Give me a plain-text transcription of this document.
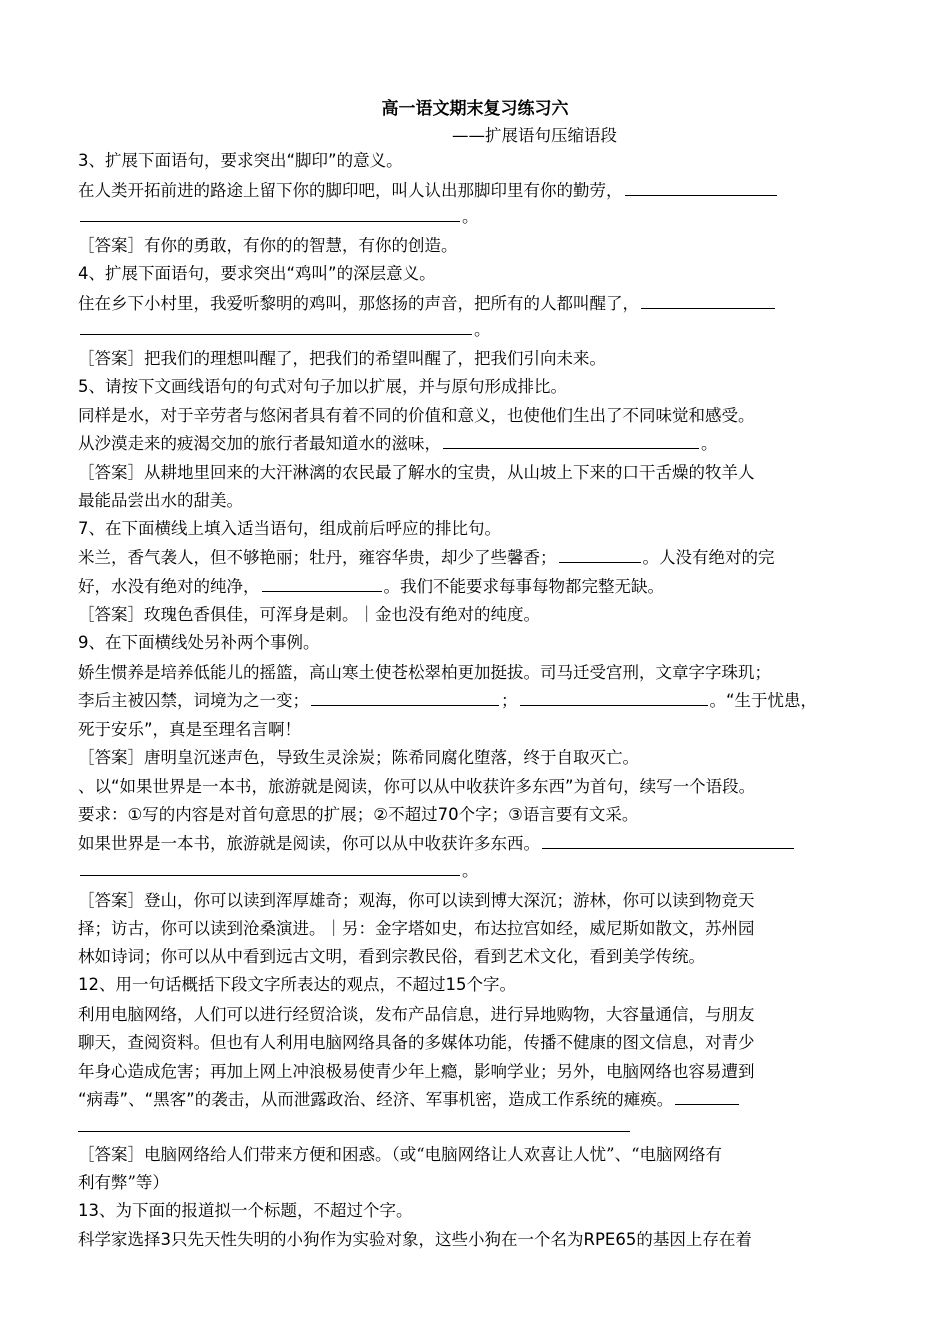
高一语文期末复习练习六
——扩展语句压缩语段
3、扩展下面语句，要求突出“脚印”的意义。
在人类开拓前进的路途上留下你的脚印吧，叫人认出那脚印里有你的勤劳，
。
［答案］有你的勇敢，有你的的智慧，有你的创造。
4、扩展下面语句，要求突出“鸡叫”的深层意义。
住在乡下小村里，我爱听黎明的鸡叫，那悠扬的声音，把所有的人都叫醒了，
。
［答案］把我们的理想叫醒了，把我们的希望叫醒了，把我们引向未来。
5、请按下文画线语句的句式对句子加以扩展，并与原句形成排比。
同样是水，对于辛劳者与悠闲者具有着不同的价值和意义，也使他们生出了不同味觉和感受。
从沙漠走来的疲渴交加的旅行者最知道水的滋味，	。
［答案］从耕地里回来的大汗淋漓的农民最了解水的宝贵，从山坡上下来的口干舌燥的牧羊人
最能品尝出水的甜美。
7、在下面横线上填入适当语句，组成前后呼应的排比句。
米兰，香气袭人，但不够艳丽；牡丹，雍容华贵，却少了些馨香；	。人没有绝对的完
好，水没有绝对的纯净，	。我们不能要求每事每物都完整无缺。
［答案］玫瑰色香俱佳，可浑身是刺。｜金也没有绝对的纯度。
9、在下面横线处另补两个事例。
娇生惯养是培养低能儿的摇篮，高山寒土使苍松翠柏更加挺拔。司马迁受宫刑，文章字字珠玑；
李后主被囚禁，词境为之一变；	；	。“生于忧患，
死于安乐”，真是至理名言啊！
［答案］唐明皇沉迷声色，导致生灵涂炭；陈希同腐化堕落，终于自取灭亡。
、以“如果世界是一本书，旅游就是阅读，你可以从中收获许多东西”为首句，续写一个语段。
要求：①写的内容是对首句意思的扩展；②不超过70个字；③语言要有文采。
如果世界是一本书，旅游就是阅读，你可以从中收获许多东西。
。
［答案］登山，你可以读到浑厚雄奇；观海，你可以读到博大深沉；游林，你可以读到物竞天
择；访古，你可以读到沧桑演进。｜另：金字塔如史，布达拉宫如经，威尼斯如散文，苏州园
林如诗词；你可以从中看到远古文明，看到宗教民俗，看到艺术文化，看到美学传统。
12、用一句话概括下段文字所表达的观点，不超过15个字。
利用电脑网络，人们可以进行经贸洽谈，发布产品信息，进行异地购物，大容量通信，与朋友
聊天，查阅资料。但也有人利用电脑网络具备的多媒体功能，传播不健康的图文信息，对青少
年身心造成危害；再加上网上冲浪极易使青少年上瘾，影响学业；另外，电脑网络也容易遭到
“病毒”、“黑客”的袭击，从而泄露政治、经济、军事机密，造成工作系统的瘫痪。
［答案］电脑网络给人们带来方便和困惑。（或“电脑网络让人欢喜让人忧”、“电脑网络有
利有弊”等）
13、为下面的报道拟一个标题，不超过个字。
科学家选择3只先天性失明的小狗作为实验对象，这些小狗在一个名为RPE65的基因上存在着
